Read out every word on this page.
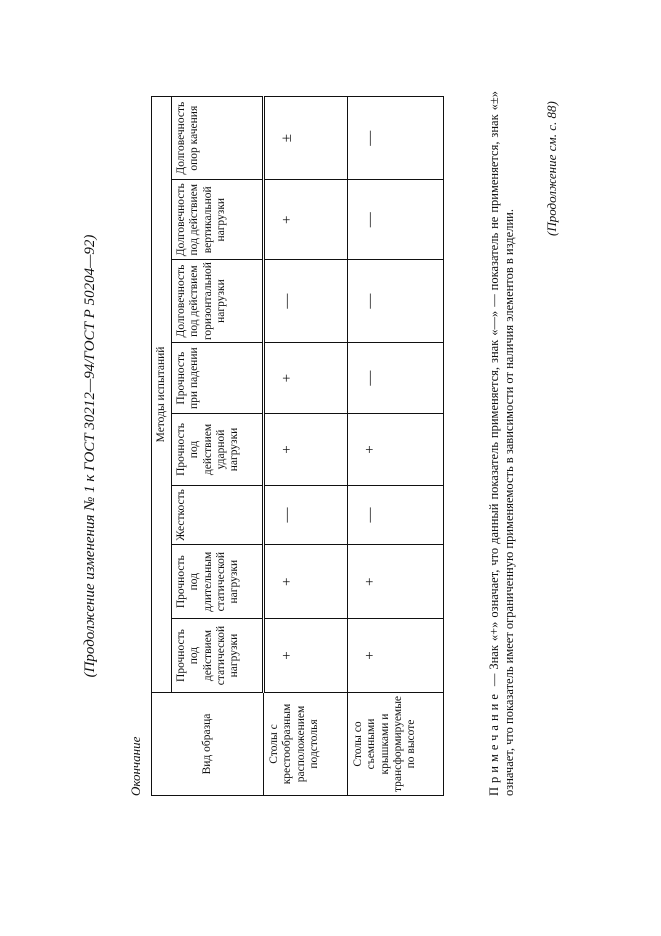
(Продолжение изменения № 1 к ГОСТ 30212—94/ГОСТ Р 50204—92)
Окончание	Вид образца	Методы испытаний							
	Прочность под действием статической нагрузки	Прочность под длительным статической нагрузки	Жесткость	Прочность под действием ударной нагрузки	Прочность при падении	Долговечность под действием горизонтальной нагрузки	Долговечность под действием вертикальной нагрузки	Долговечность опор качения
Столы с крестообразным расположением подстолья	+	+	—	+	+	—	+	±
Столы со съемными крышками и трансформируемые по высоте	+	+	—	+	—	—	—	—
Примечание — Знак «+» означает, что данный показатель применяется, знак «—» — показатель не применяется, знак «±» означает, что показатель имеет ограниченную применяемость в зависимости от наличия элементов в изделии.
(Продолжение см. с. 88)
